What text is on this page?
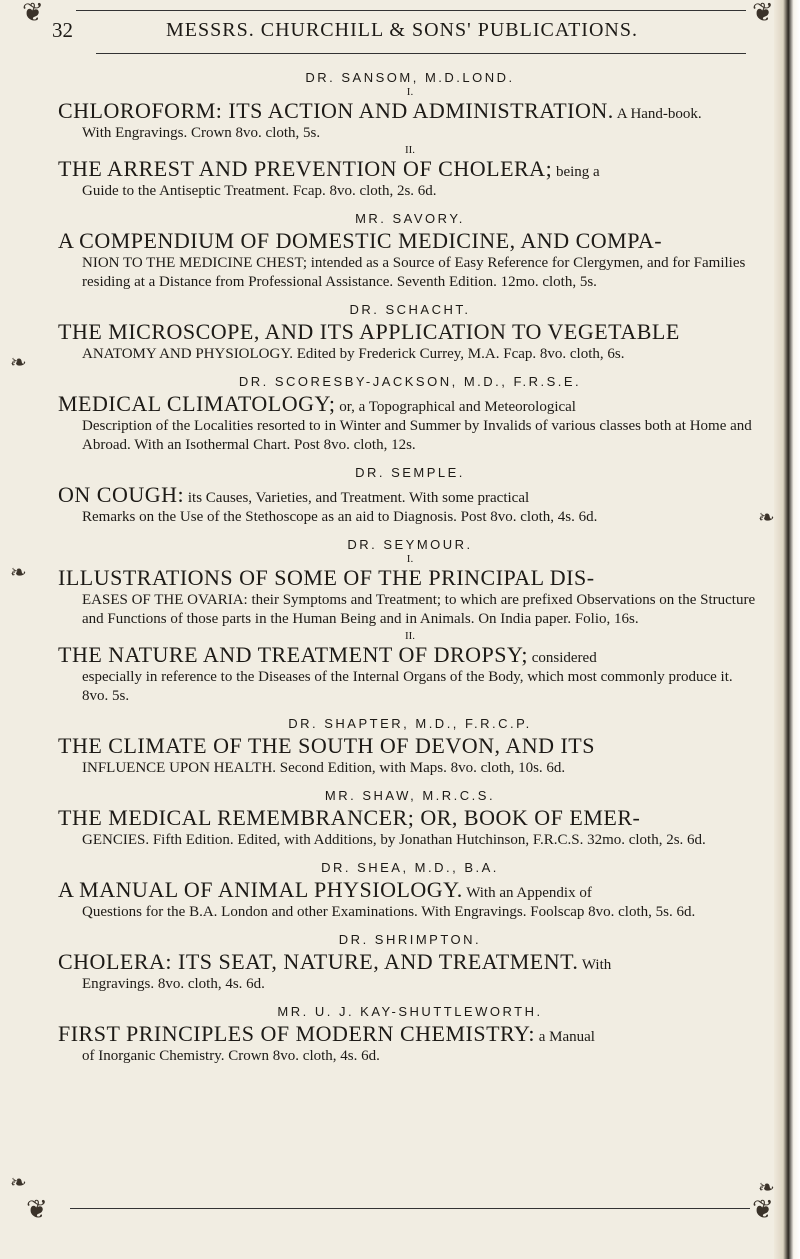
❦	❦
32	MESSRS. CHURCHILL & SONS' PUBLICATIONS.
❧
❧
❧
❧
❧
DR. SANSOM, M.D.LOND.
I.
CHLOROFORM: ITS ACTION AND ADMINISTRATION. A Hand-book.
With Engravings. Crown 8vo. cloth, 5s.
II.
THE ARREST AND PREVENTION OF CHOLERA; being a
Guide to the Antiseptic Treatment. Fcap. 8vo. cloth, 2s. 6d.
MR. SAVORY.
A COMPENDIUM OF DOMESTIC MEDICINE, AND COMPA-
NION TO THE MEDICINE CHEST; intended as a Source of Easy Reference for Clergymen, and for Families residing at a Distance from Professional Assistance. Seventh Edition. 12mo. cloth, 5s.
DR. SCHACHT.
THE MICROSCOPE, AND ITS APPLICATION TO VEGETABLE
ANATOMY AND PHYSIOLOGY. Edited by Frederick Currey, M.A. Fcap. 8vo. cloth, 6s.
DR. SCORESBY-JACKSON, M.D., F.R.S.E.
MEDICAL CLIMATOLOGY; or, a Topographical and Meteorological
Description of the Localities resorted to in Winter and Summer by Invalids of various classes both at Home and Abroad. With an Isothermal Chart. Post 8vo. cloth, 12s.
DR. SEMPLE.
ON COUGH: its Causes, Varieties, and Treatment. With some practical
Remarks on the Use of the Stethoscope as an aid to Diagnosis. Post 8vo. cloth, 4s. 6d.
DR. SEYMOUR.
I.
ILLUSTRATIONS OF SOME OF THE PRINCIPAL DIS-
EASES OF THE OVARIA: their Symptoms and Treatment; to which are prefixed Observations on the Structure and Functions of those parts in the Human Being and in Animals. On India paper. Folio, 16s.
II.
THE NATURE AND TREATMENT OF DROPSY; considered
especially in reference to the Diseases of the Internal Organs of the Body, which most commonly produce it. 8vo. 5s.
DR. SHAPTER, M.D., F.R.C.P.
THE CLIMATE OF THE SOUTH OF DEVON, AND ITS
INFLUENCE UPON HEALTH. Second Edition, with Maps. 8vo. cloth, 10s. 6d.
MR. SHAW, M.R.C.S.
THE MEDICAL REMEMBRANCER; OR, BOOK OF EMER-
GENCIES. Fifth Edition. Edited, with Additions, by Jonathan Hutchinson, F.R.C.S. 32mo. cloth, 2s. 6d.
DR. SHEA, M.D., B.A.
A MANUAL OF ANIMAL PHYSIOLOGY. With an Appendix of
Questions for the B.A. London and other Examinations. With Engravings. Foolscap 8vo. cloth, 5s. 6d.
DR. SHRIMPTON.
CHOLERA: ITS SEAT, NATURE, AND TREATMENT. With
Engravings. 8vo. cloth, 4s. 6d.
MR. U. J. KAY-SHUTTLEWORTH.
FIRST PRINCIPLES OF MODERN CHEMISTRY: a Manual
of Inorganic Chemistry. Crown 8vo. cloth, 4s. 6d.
❦	❦
